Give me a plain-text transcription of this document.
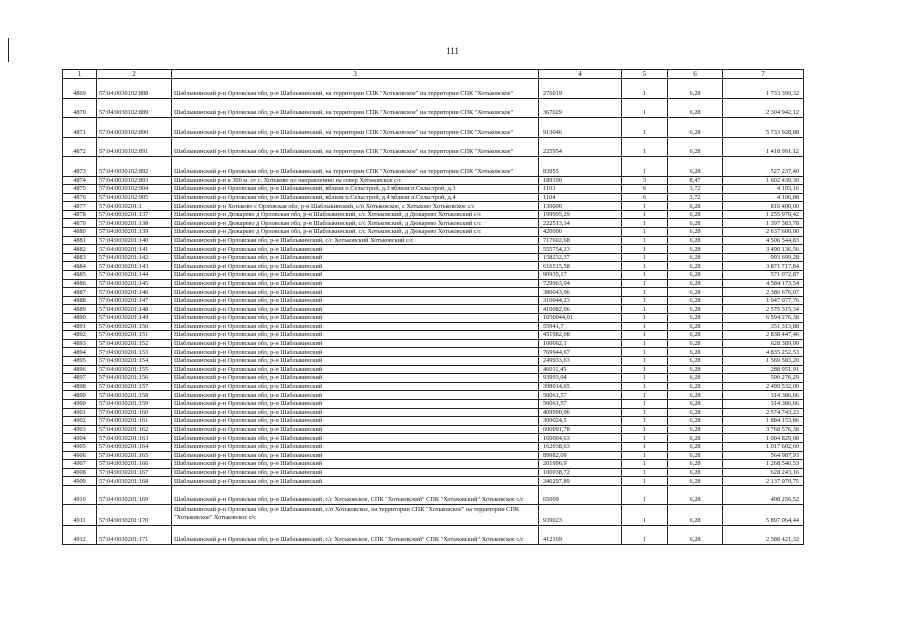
111
1	2	3	4	5	6	7
4869	57:04:0030102:888	Шаблыкинский р-н Орловская обл, р-н Шаблыкинский, на территории СПК "Хотьковское" на территории СПК "Хотьковское"	276019	1	6,28	1 733 399,32
4870	57:04:0030102:889	Шаблыкинский р-н Орловская обл, р-н Шаблыкинский, на территории СПК "Хотьковское" на территории СПК "Хотьковское"	367029	1	6,28	2 304 942,12
4871	57:04:0030102:890	Шаблыкинский р-н Орловская обл, р-н Шаблыкинский, на территории СПК "Хотьковское" на территории СПК "Хотьковское"	913046	1	6,28	5 733 928,88
4872	57:04:0030102:891	Шаблыкинский р-н Орловская обл, р-н Шаблыкинский, на территории СПК "Хотьковское" на территории СПК "Хотьковское"	225954	1	6,28	1 418 991,12
4873	57:04:0030102:892	Шаблыкинский р-н Орловская обл, р-н Шаблыкинский, на территории СПК "Хотьковское" на территории СПК "Хотьковское"	83955	1	6,28	527 237,40
4874	57:04:0030102:893	Шаблыкинский р-н в 300 м. от с. Хотьково по направлению на север Хотьковское с/с	189190	3	8,47	1 602 439,30
4875	57:04:0030102:904	Шаблыкинский р-н Орловская обл, р-н Шаблыкинский, вблизи п.Сельстрой, д.3 вблизи п.Сельстрой, д.3	1103	6	3,72	4 103,16
4876	57:04:0030102:905	Шаблыкинский р-н Орловская обл, р-н Шаблыкинский, вблизи п.Сельстрой, д.4 вблизи п.Сельстрой, д.4	1104	6	3,72	4 106,88
4877	57:04:0030201:1	Шаблыкинский р-н Хотьково с Орловская обл, р-н Шаблыкинский, с/п Хотьковское, с Хотьково Хотьковское с/с	130000	1	6,28	816 400,00
4878	57:04:0030201:137	Шаблыкинский р-н Дюкарево д Орловская обл, р-н Шаблыкинский, с/с Хотьковский, д Дюкарево Хотьковский с/с	199995,29	1	6,28	1 255 970,42
4879	57:04:0030201:138	Шаблыкинский р-н Дюкарево д Орловская обл, р-н Шаблыкинский, с/с Хотьковский, д Дюкарево Хотьковский с/с	222513,34	1	6,28	1 397 383,78
4880	57:04:0030201:139	Шаблыкинский р-н Дюкарево д Орловская обл, р-н Шаблыкинский, с/с Хотьковский, д Дюкарево Хотьковский с/с	420000	1	6,28	2 637 600,00
4881	57:04:0030201:140	Шаблыкинский р-н Орловская обл, р-н Шаблыкинский, с/с Хотьковский Хотьковский с/с	717602,68	1	6,28	4 506 544,83
4882	57:04:0030201:141	Шаблыкинский р-н Орловская обл, р-н Шаблыкинский	555754,23	1	6,28	3 490 136,56
4883	57:04:0030201:142	Шаблыкинский р-н Орловская обл, р-н Шаблыкинский	158232,37	1	6,28	993 699,28
4884	57:04:0030201:143	Шаблыкинский р-н Орловская обл, р-н Шаблыкинский	616515,58	1	6,28	3 871 717,84
4885	57:04:0030201:144	Шаблыкинский р-н Орловская обл, р-н Шаблыкинский	90935,17	1	6,28	571 072,87
4886	57:04:0030201:145	Шаблыкинский р-н Орловская обл, р-н Шаблыкинский	729963,94	1	6,28	4 584 173,54
4887	57:04:0030201:146	Шаблыкинский р-н Орловская обл, р-н Шаблыкинский	380043,96	1	6,28	2 386 676,07
4888	57:04:0030201:147	Шаблыкинский р-н Орловская обл, р-н Шаблыкинский	310044,23	1	6,28	1 947 077,76
4889	57:04:0030201:148	Шаблыкинский р-н Орловская обл, р-н Шаблыкинский	410082,06	1	6,28	2 575 315,34
4890	57:04:0030201:149	Шаблыкинский р-н Орловская обл, р-н Шаблыкинский	1050044,01	1	6,28	6 594 276,38
4891	57:04:0030201:150	Шаблыкинский р-н Орловская обл, р-н Шаблыкинский	55941,7	1	6,28	351 313,88
4892	57:04:0030201:151	Шаблыкинский р-н Орловская обл, р-н Шаблыкинский	451982,08	1	6,28	2 838 447,46
4893	57:04:0030201:152	Шаблыкинский р-н Орловская обл, р-н Шаблыкинский	100062,1	1	6,28	628 389,99
4894	57:04:0030201:153	Шаблыкинский р-н Орловская обл, р-н Шаблыкинский	769944,67	1	6,28	4 835 252,53
4895	57:04:0030201:154	Шаблыкинский р-н Орловская обл, р-н Шаблыкинский	249933,63	1	6,28	1 569 583,20
4896	57:04:0030201:155	Шаблыкинский р-н Орловская обл, р-н Шаблыкинский	46011,45	1	6,28	288 951,91
4897	57:04:0030201:156	Шаблыкинский р-н Орловская обл, р-н Шаблыкинский	93993,04	1	6,28	590 276,29
4898	57:04:0030201:157	Шаблыкинский р-н Орловская обл, р-н Шаблыкинский	398014,65	1	6,28	2 499 532,00
4899	57:04:0030201:158	Шаблыкинский р-н Орловская обл, р-н Шаблыкинский	50061,57	1	6,28	314 386,66
4900	57:04:0030201:159	Шаблыкинский р-н Орловская обл, р-н Шаблыкинский	50061,57	1	6,28	314 386,66
4901	57:04:0030201:160	Шаблыкинский р-н Орловская обл, р-н Шаблыкинский	409990,96	1	6,28	2 574 743,23
4902	57:04:0030201:161	Шаблыкинский р-н Орловская обл, р-н Шаблыкинский	300024,5	1	6,28	1 884 153,86
4903	57:04:0030201:162	Шаблыкинский р-н Орловская обл, р-н Шаблыкинский	600091,78	1	6,28	3 768 576,38
4904	57:04:0030201:163	Шаблыкинский р-н Орловская обл, р-н Шаблыкинский	160004,63	1	6,28	1 004 829,08
4905	57:04:0030201:164	Шаблыкинский р-н Орловская обл, р-н Шаблыкинский	162038,63	1	6,28	1 017 602,60
4906	57:04:0030201:165	Шаблыкинский р-н Орловская обл, р-н Шаблыкинский	89982,09	1	6,28	564 987,93
4907	57:04:0030201:166	Шаблыкинский р-н Орловская обл, р-н Шаблыкинский	201996,9	1	6,28	1 268 540,53
4908	57:04:0030201:167	Шаблыкинский р-н Орловская обл, р-н Шаблыкинский	100038,72	1	6,28	628 243,16
4909	57:04:0030201:168	Шаблыкинский р-н Орловская обл, р-н Шаблыкинский	340297,89	1	6,28	2 137 070,75
4910	57:04:0030201:169	Шаблыкинский р-н Орловская обл, р-н Шаблыкинский, с/с Хотьковское, СПК "Хотьковский" СПК "Хотьковский" Хотьковское с/с	65009	1	6,28	408 256,52
4911	57:04:0030201:170	Шаблыкинский р-н Орловская обл, р-н Шаблыкинский, с/п Хотьковское, на территории СПК "Хотьковское" на территории СПК "Хотьковское" Хотьковское с/с	939023	1	6,28	5 897 064,44
4912	57:04:0030201:171	Шаблыкинский р-н Орловская обл, р-н Шаблыкинский, с/с Хотьковское, СПК "Хотьковский" СПК "Хотьковский" Хотьковское с/с	412169	1	6,28	2 588 421,32
